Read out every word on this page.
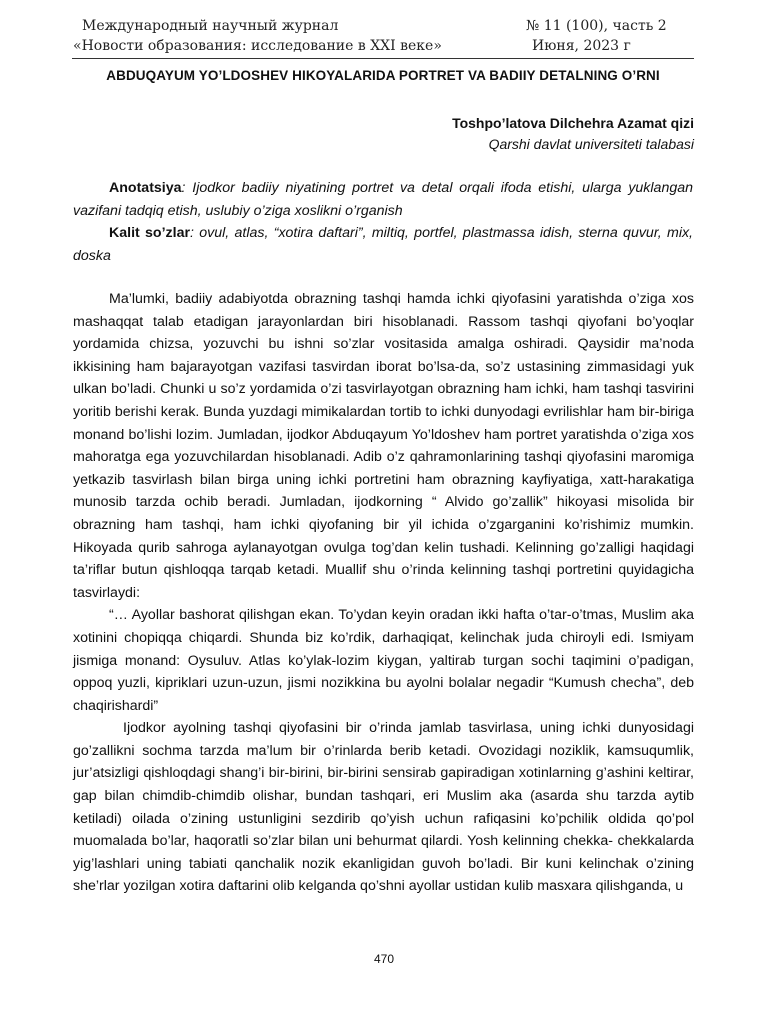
Международный научный журнал
«Новости образования: исследование в XXI веке»
№ 11 (100), часть 2
Июня, 2023 г
ABDUQAYUM YO’LDOSHEV HIKOYALARIDA PORTRET VA BADIIY DETALNING O’RNI
Toshpo’latova Dilchehra Azamat qizi
Qarshi davlat universiteti talabasi

Anotatsiya: Ijodkor badiiy niyatining portret va detal orqali ifoda etishi, ularga yuklangan vazifani tadqiq etish, uslubiy o’ziga xoslikni o’rganish

Kalit so’zlar: ovul, atlas, “xotira daftari”, miltiq, portfel, plastmassa idish, sterna quvur, mix, doska

Ma’lumki, badiiy adabiyotda obrazning tashqi hamda ichki qiyofasini yaratishda o’ziga xos mashaqqat talab etadigan jarayonlardan biri hisoblanadi. Rassom tashqi qiyofani bo’yoqlar yordamida chizsa, yozuvchi bu ishni so’zlar vositasida amalga oshiradi. Qaysidir ma’noda ikkisining ham bajarayotgan vazifasi tasvirdan iborat bo’lsa-da, so’z ustasining zimmasidagi yuk ulkan bo’ladi. Chunki u so’z yordamida o’zi tasvirlayotgan obrazning ham ichki, ham tashqi tasvirini yoritib berishi kerak. Bunda yuzdagi mimikalardan tortib to ichki dunyodagi evrilishlar ham bir-biriga monand bo’lishi lozim. Jumladan, ijodkor Abduqayum Yo’ldoshev ham portret yaratishda o’ziga xos mahoratga ega yozuvchilardan hisoblanadi. Adib o’z qahramonlarining tashqi qiyofasini maromiga yetkazib tasvirlash bilan birga uning ichki portretini ham obrazning kayfiyatiga, xatt-harakatiga munosib tarzda ochib beradi. Jumladan, ijodkorning “ Alvido go’zallik” hikoyasi misolida bir obrazning ham tashqi, ham ichki qiyofaning bir yil ichida o’zgarganini ko’rishimiz mumkin. Hikoyada qurib sahroga aylanayotgan ovulga tog’dan kelin tushadi. Kelinning go’zalligi haqidagi ta’riflar butun qishloqqa tarqab ketadi. Muallif shu o’rinda kelinning tashqi portretini quyidagicha tasvirlaydi:

“… Ayollar bashorat qilishgan ekan. To’ydan keyin oradan ikki hafta o’tar-o’tmas, Muslim aka xotinini chopiqqa chiqardi. Shunda biz ko’rdik, darhaqiqat, kelinchak juda chiroyli edi. Ismiyam jismiga monand: Oysuluv. Atlas ko’ylak-lozim kiygan, yaltirab turgan sochi taqimini o’padigan, oppoq yuzli, kipriklari uzun-uzun, jismi nozikkina bu ayolni bolalar negadir “Kumush checha”, deb chaqirishardi”

Ijodkor ayolning tashqi qiyofasini bir o’rinda jamlab tasvirlasa, uning ichki dunyosidagi go’zallikni sochma tarzda ma’lum bir o’rinlarda berib ketadi. Ovozidagi noziklik, kamsuqumlik, jur’atsizligi qishloqdagi shang’i bir-birini, bir-birini sensirab gapiradigan xotinlarning g’ashini keltirar, gap bilan chimdib-chimdib olishar, bundan tashqari, eri Muslim aka (asarda shu tarzda aytib ketiladi) oilada o’zining ustunligini sezdirib qo’yish uchun rafiqasini ko’pchilik oldida qo’pol muomalada bo’lar, haqoratli so’zlar bilan uni behurmat qilardi. Yosh kelinning chekka- chekkalarda yig’lashlari uning tabiati qanchalik nozik ekanligidan guvoh bo’ladi. Bir kuni kelinchak o’zining she’rlar yozilgan xotira daftarini olib kelganda qo’shni ayollar ustidan kulib masxara qilishganda, u

470
